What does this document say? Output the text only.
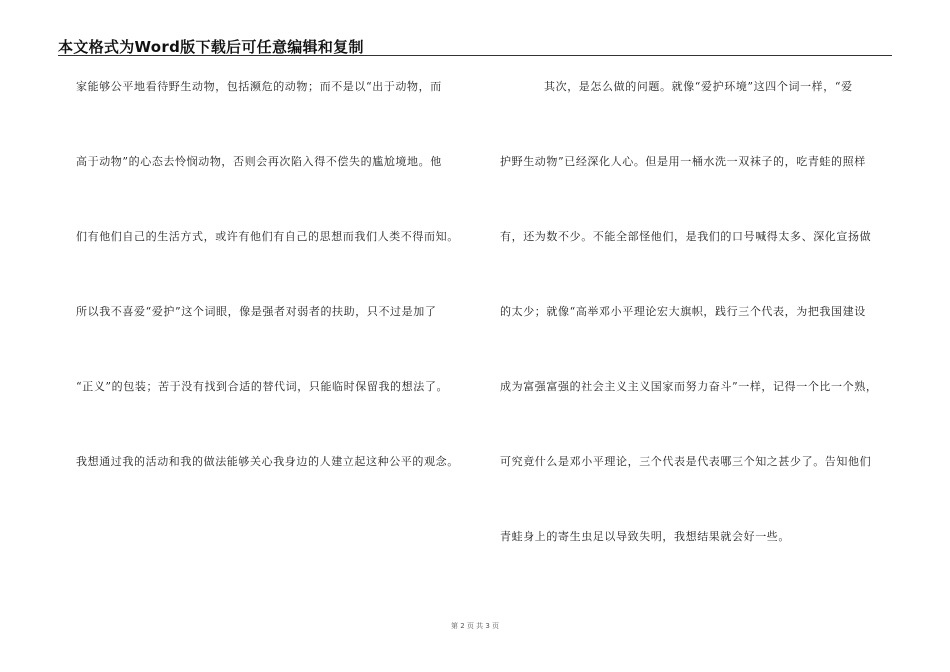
本文格式为Word版下载后可任意编辑和复制
家能够公平地看待野生动物，包括濒危的动物；而不是以“出于动物，而
高于动物”的心态去怜悯动物，否则会再次陷入得不偿失的尴尬境地。他
们有他们自己的生活方式，或许有他们有自己的思想而我们人类不得而知。
所以我不喜爱“爱护”这个词眼，像是强者对弱者的扶助，只不过是加了
“正义”的包装；苦于没有找到合适的替代词，只能临时保留我的想法了。
我想通过我的活动和我的做法能够关心我身边的人建立起这种公平的观念。
其次，是怎么做的问题。就像“爱护环境”这四个词一样，“爱
护野生动物”已经深化人心。但是用一桶水洗一双袜子的，吃青蛙的照样
有，还为数不少。不能全部怪他们，是我们的口号喊得太多、深化宣扬做
的太少；就像“高举邓小平理论宏大旗帜，践行三个代表，为把我国建设
成为富强富强的社会主义主义国家而努力奋斗”一样，记得一个比一个熟，
可究竟什么是邓小平理论，三个代表是代表哪三个知之甚少了。告知他们
青蛙身上的寄生虫足以导致失明，我想结果就会好一些。
第 2 页 共 3 页
